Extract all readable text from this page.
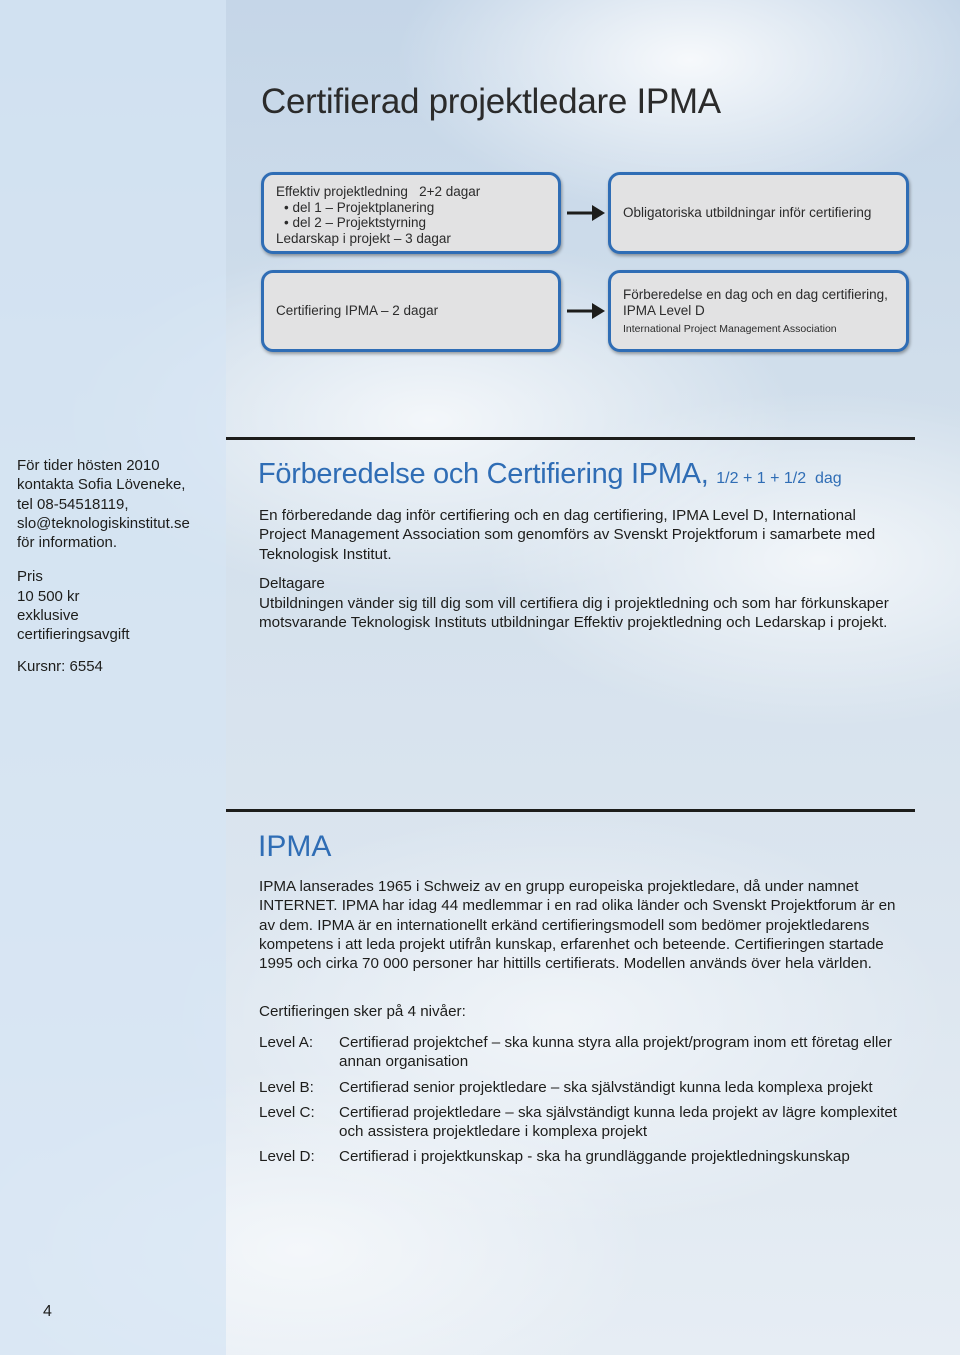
Certifierad projektledare IPMA
Effektiv projektledning   2+2 dagar
• del 1 – Projektplanering
• del 2 – Projektstyrning
Ledarskap i projekt – 3 dagar
Obligatoriska utbildningar inför certifiering
Certifiering IPMA – 2 dagar
Förberedelse en dag och en dag certifiering,
IPMA Level D
International Project Management Association
För tider hösten 2010
kontakta Sofia Löveneke,
tel 08-54518119,
slo@teknologiskinstitut.se
för information.
Pris
10 500 kr
exklusive
certifieringsavgift
Kursnr: 6554
Förberedelse och Certifiering IPMA, 1/2 + 1 + 1/2  dag

En förberedande dag inför certifiering och en dag certifiering, IPMA Level D, International Project Management Association som genomförs av Svenskt Projektforum i samarbete med Teknologisk Institut.

Deltagare

Utbildningen vänder sig till dig som vill certifiera dig i projektledning och som har förkunskaper motsvarande Teknologisk Instituts utbildningar Effektiv projektledning och Ledarskap i projekt.

IPMA

IPMA lanserades 1965 i Schweiz av en grupp europeiska projektledare, då under namnet INTERNET. IPMA har idag 44 medlemmar i en rad olika länder och Svenskt Projektforum är en av dem. IPMA är en internationellt erkänd certifieringsmodell som bedömer projektledarens kompetens i att leda projekt utifrån kunskap, erfarenhet och beteende. Certifieringen startade 1995 och cirka 70 000 personer har hittills certifierats. Modellen används över hela världen.

Certifieringen sker på 4 nivåer:

Level A:	Certifierad projektchef – ska kunna styra alla projekt/program inom ett företag eller annan organisation
Level B:	Certifierad senior projektledare – ska självständigt kunna leda komplexa projekt
Level C:	Certifierad projektledare – ska självständigt kunna leda projekt av lägre komplexitet och assistera projektledare i komplexa projekt
Level D:	Certifierad i projektkunskap - ska ha grundläggande projektledningskunskap
4
